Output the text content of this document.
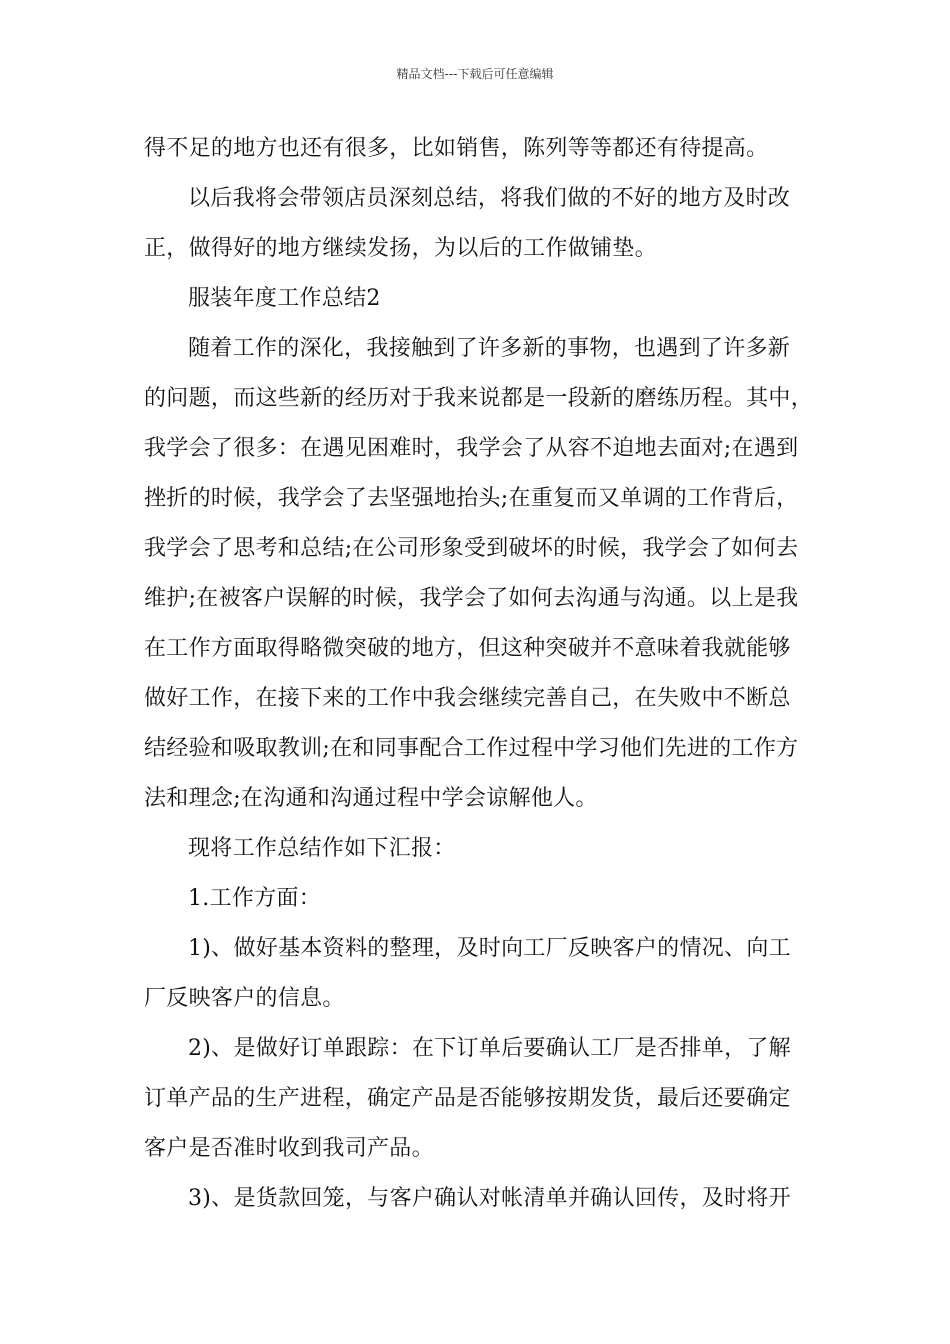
精品文档---下载后可任意编辑
得不足的地方也还有很多，比如销售，陈列等等都还有待提高。
以后我将会带领店员深刻总结，将我们做的不好的地方及时改
正，做得好的地方继续发扬，为以后的工作做铺垫。
服装年度工作总结2
随着工作的深化，我接触到了许多新的事物，也遇到了许多新
的问题，而这些新的经历对于我来说都是一段新的磨练历程。其中，
我学会了很多：在遇见困难时，我学会了从容不迫地去面对;在遇到
挫折的时候，我学会了去坚强地抬头;在重复而又单调的工作背后，
我学会了思考和总结;在公司形象受到破坏的时候，我学会了如何去
维护;在被客户误解的时候，我学会了如何去沟通与沟通。以上是我
在工作方面取得略微突破的地方，但这种突破并不意味着我就能够
做好工作，在接下来的工作中我会继续完善自己，在失败中不断总
结经验和吸取教训;在和同事配合工作过程中学习他们先进的工作方
法和理念;在沟通和沟通过程中学会谅解他人。
现将工作总结作如下汇报：
1.工作方面：
1)、做好基本资料的整理，及时向工厂反映客户的情况、向工
厂反映客户的信息。
2)、是做好订单跟踪：在下订单后要确认工厂是否排单，了解
订单产品的生产进程，确定产品是否能够按期发货，最后还要确定
客户是否准时收到我司产品。
3)、是货款回笼，与客户确认对帐清单并确认回传，及时将开
